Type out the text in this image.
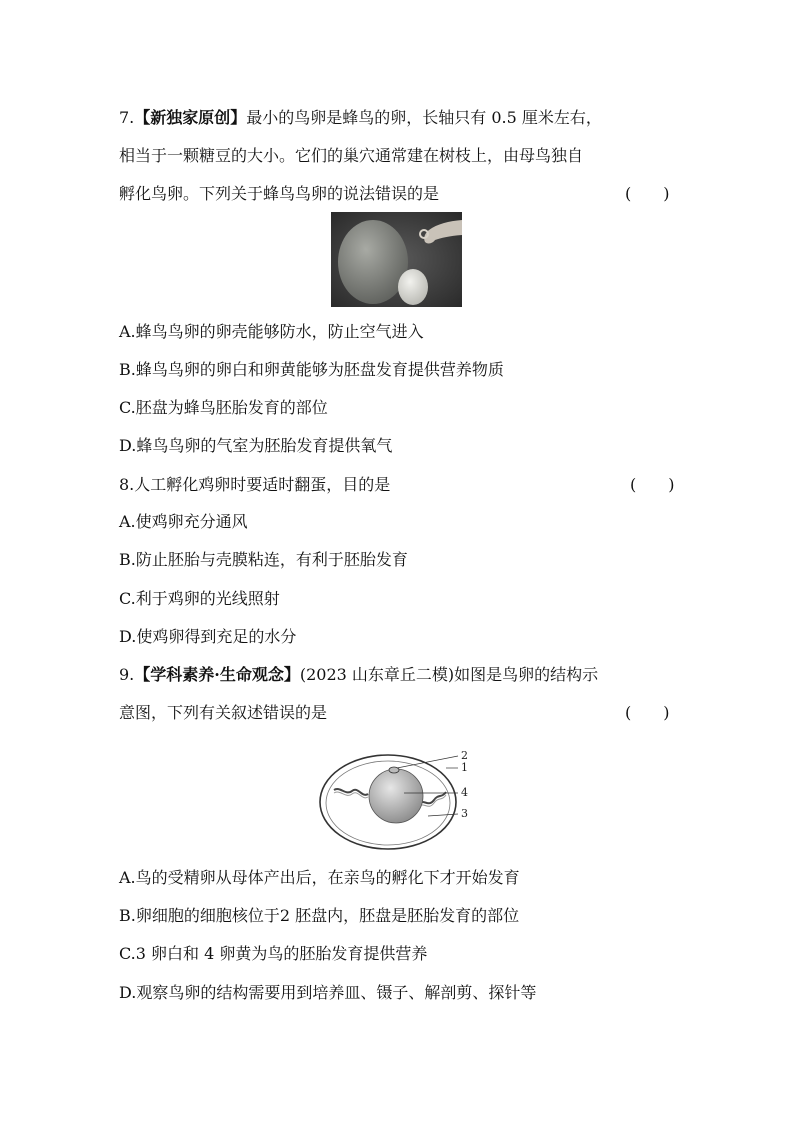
7.【新独家原创】最小的鸟卵是蜂鸟的卵，长轴只有 0.5 厘米左右，
相当于一颗糖豆的大小。它们的巢穴通常建在树枝上，由母鸟独自
孵化鸟卵。下列关于蜂鸟鸟卵的说法错误的是	(　　)
A.蜂鸟鸟卵的卵壳能够防水，防止空气进入
B.蜂鸟鸟卵的卵白和卵黄能够为胚盘发育提供营养物质
C.胚盘为蜂鸟胚胎发育的部位
D.蜂鸟鸟卵的气室为胚胎发育提供氧气
8.人工孵化鸡卵时要适时翻蛋，目的是	(　　)
A.使鸡卵充分通风
B.防止胚胎与壳膜粘连，有利于胚胎发育
C.利于鸡卵的光线照射
D.使鸡卵得到充足的水分
9.【学科素养·生命观念】(2023 山东章丘二模)如图是鸟卵的结构示
意图，下列有关叙述错误的是	(　　)
2
1
4
3
A.鸟的受精卵从母体产出后，在亲鸟的孵化下才开始发育
B.卵细胞的细胞核位于2 胚盘内，胚盘是胚胎发育的部位
C.3 卵白和 4 卵黄为鸟的胚胎发育提供营养
D.观察鸟卵的结构需要用到培养皿、镊子、解剖剪、探针等
